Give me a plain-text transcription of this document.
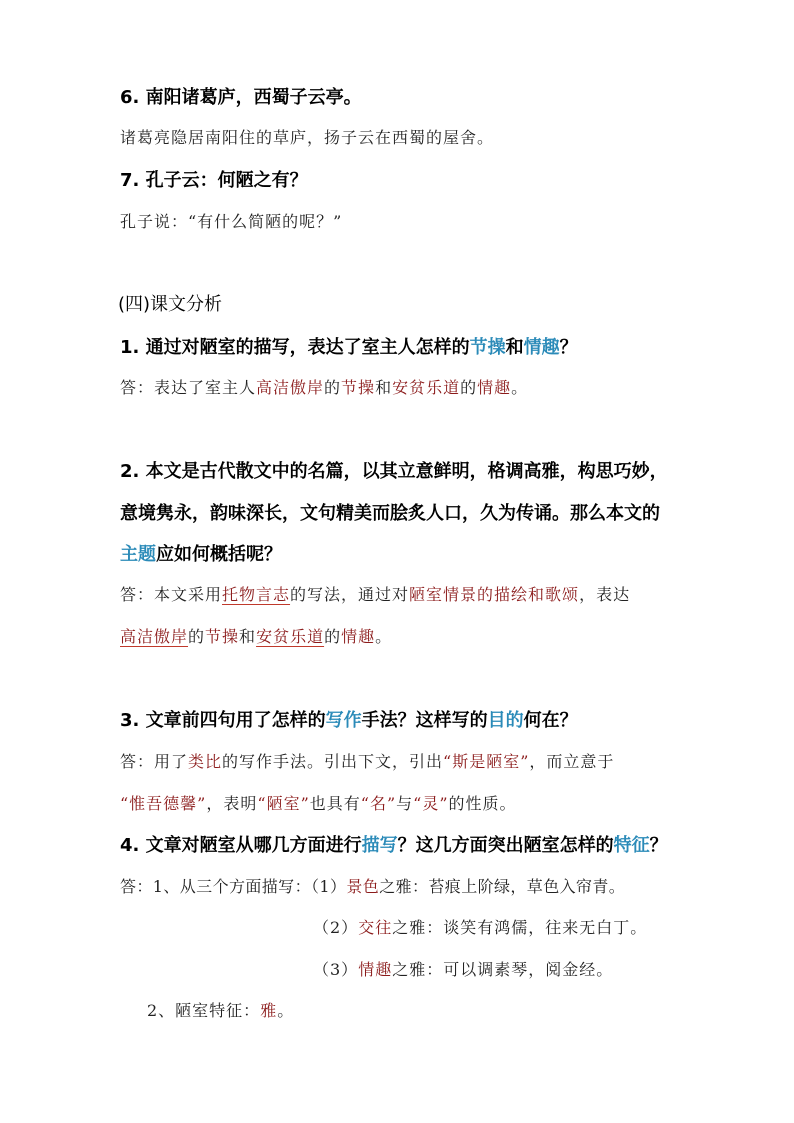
6. 南阳诸葛庐，西蜀子云亭。
诸葛亮隐居南阳住的草庐，扬子云在西蜀的屋舍。
7. 孔子云：何陋之有？
孔子说：“有什么简陋的呢？”
(四)课文分析
1. 通过对陋室的描写，表达了室主人怎样的节操和情趣？
答：表达了室主人高洁傲岸的节操和安贫乐道的情趣。
2. 本文是古代散文中的名篇，以其立意鲜明，格调高雅，构思巧妙，
意境隽永，韵味深长，文句精美而脍炙人口，久为传诵。那么本文的
主题应如何概括呢？
答：本文采用托物言志的写法，通过对陋室情景的描绘和歌颂，表达
高洁傲岸的节操和安贫乐道的情趣。
3. 文章前四句用了怎样的写作手法？这样写的目的何在？
答：用了类比的写作手法。引出下文，引出“斯是陋室”，而立意于
“惟吾德馨”，表明“陋室”也具有“名”与“灵”的性质。
4. 文章对陋室从哪几方面进行描写？这几方面突出陋室怎样的特征？
答：1、从三个方面描写：（1）景色之雅：苔痕上阶绿，草色入帘青。
（2）交往之雅：谈笑有鸿儒，往来无白丁。
（3）情趣之雅：可以调素琴，阅金经。
2、陋室特征：雅。
